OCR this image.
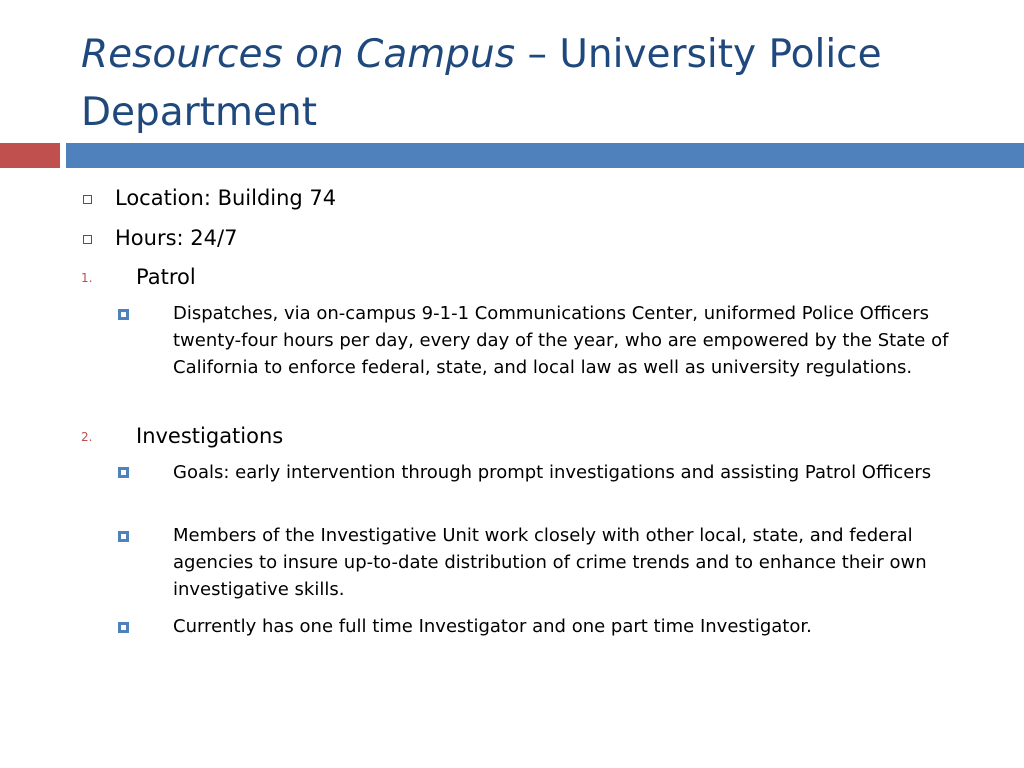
Resources on Campus – University Police Department
Location: Building 74
Hours: 24/7
1. Patrol
Dispatches, via on-campus 9-1-1 Communications Center, uniformed Police Officers twenty-four hours per day, every day of the year, who are empowered by the State of California to enforce federal, state, and local law as well as university regulations.
2. Investigations
Goals: early intervention through prompt investigations and assisting Patrol Officers
Members of the Investigative Unit work closely with other local, state, and federal agencies to insure up-to-date distribution of crime trends and to enhance their own investigative skills.
Currently has one full time Investigator and one part time Investigator.
